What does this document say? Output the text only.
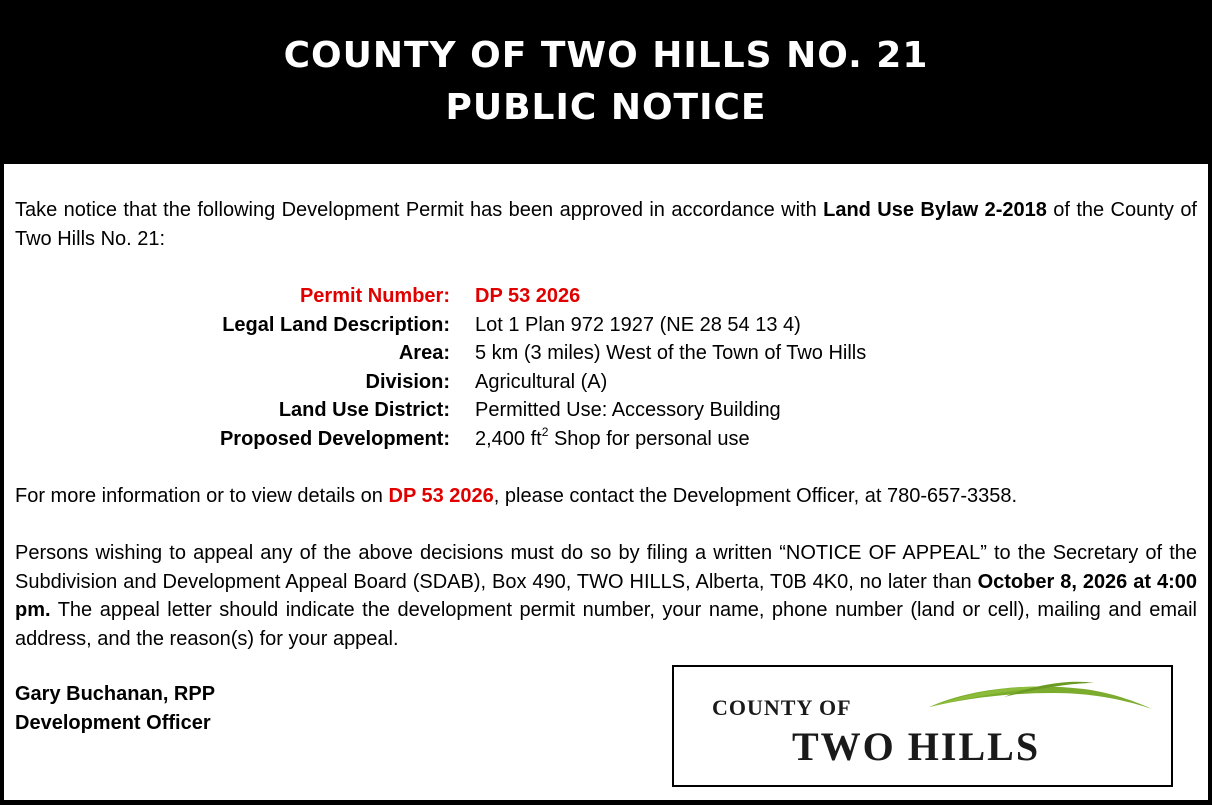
COUNTY OF TWO HILLS NO. 21
PUBLIC NOTICE
Take notice that the following Development Permit has been approved in accordance with Land Use Bylaw 2-2018 of the County of Two Hills No. 21:
Permit Number: DP 53 2026
Legal Land Description: Lot 1 Plan 972 1927 (NE 28 54 13 4)
Area: 5 km (3 miles) West of the Town of Two Hills
Division: Agricultural (A)
Land Use District: Permitted Use: Accessory Building
Proposed Development: 2,400 $ft^2$ Shop for personal use
For more information or to view details on DP 53 2026, please contact the Development Officer, at 780-657-3358.
Persons wishing to appeal any of the above decisions must do so by filing a written “NOTICE OF APPEAL” to the Secretary of the Subdivision and Development Appeal Board (SDAB), Box 490, TWO HILLS, Alberta, T0B 4K0, no later than October 8, 2026 at 4:00 pm. The appeal letter should indicate the development permit number, your name, phone number (land or cell), mailing and email address, and the reason(s) for your appeal.
Gary Buchanan, RPP
Development Officer
COUNTY OF
TWO HILLS
